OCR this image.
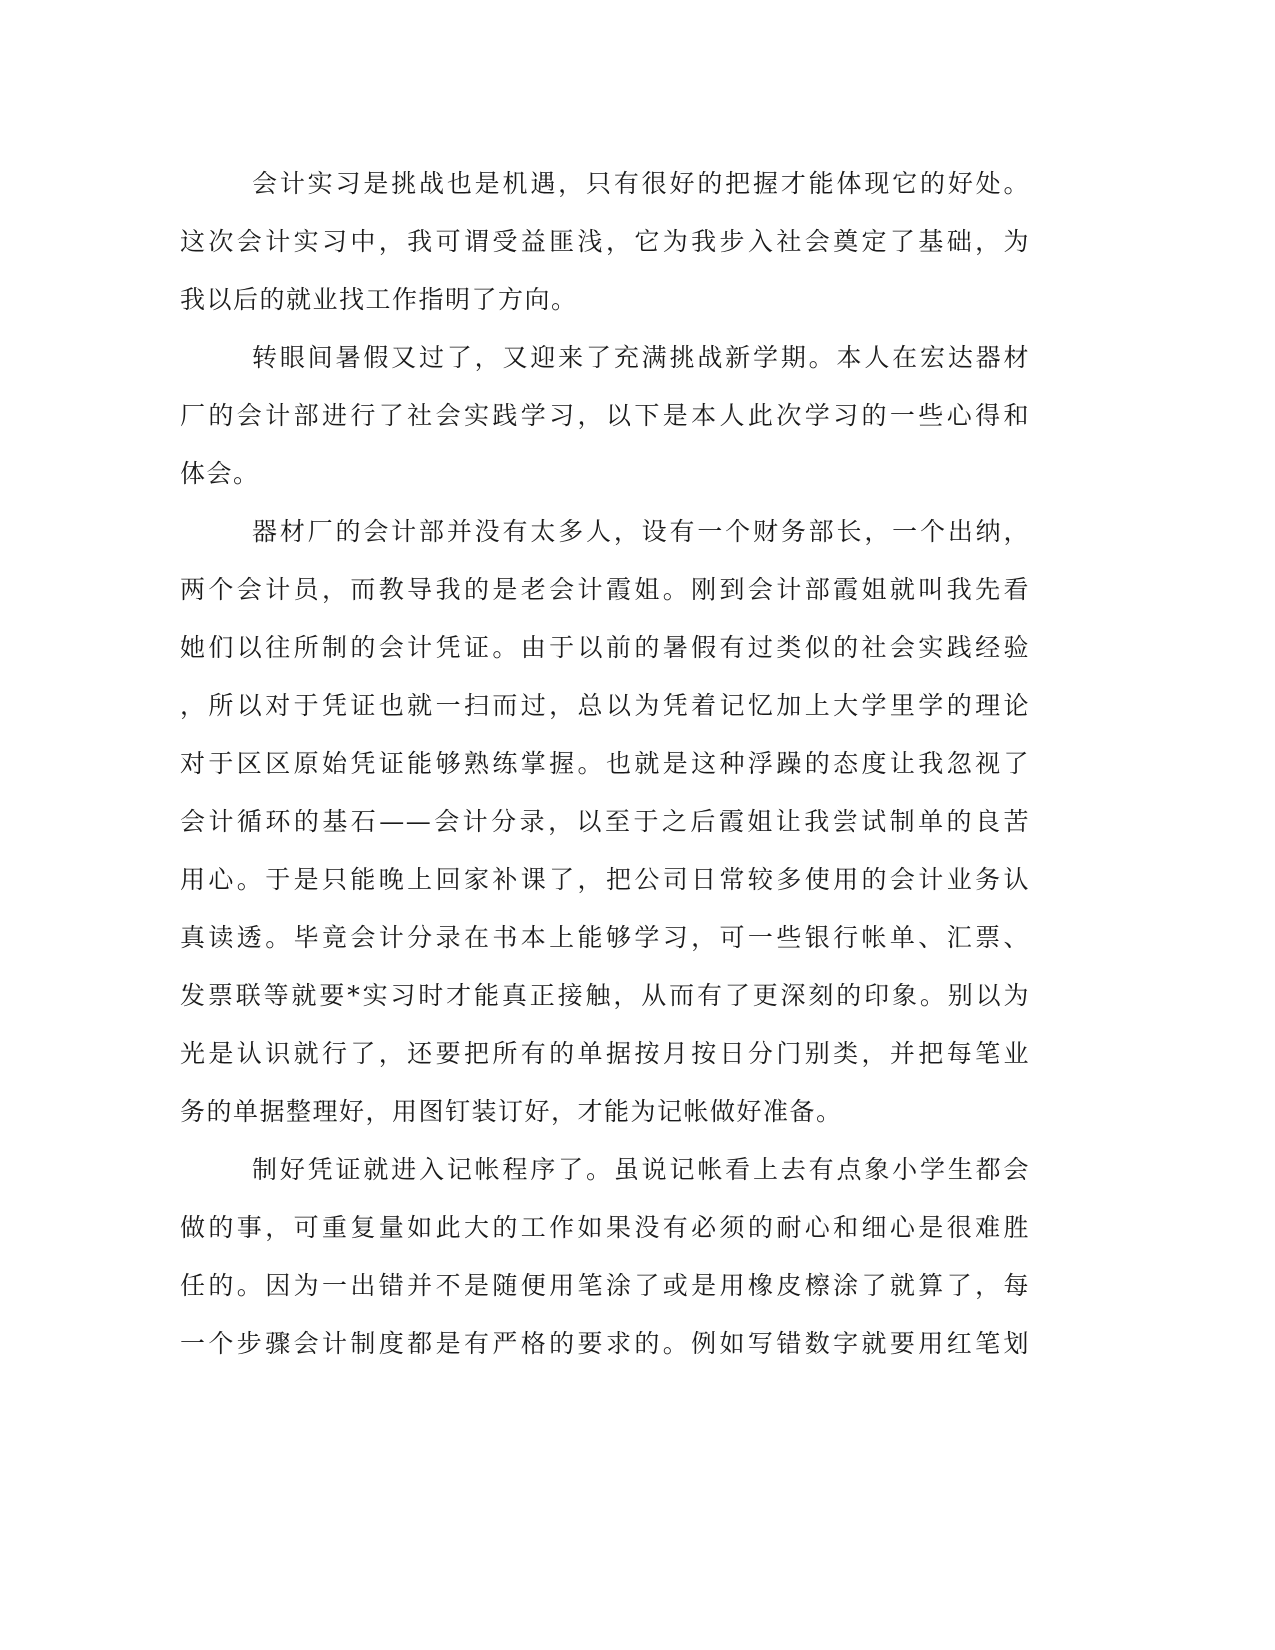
会计实习是挑战也是机遇，只有很好的把握才能体现它的好处。
这次会计实习中，我可谓受益匪浅，它为我步入社会奠定了基础，为
我以后的就业找工作指明了方向。
转眼间暑假又过了，又迎来了充满挑战新学期。本人在宏达器材
厂的会计部进行了社会实践学习，以下是本人此次学习的一些心得和
体会。
器材厂的会计部并没有太多人，设有一个财务部长，一个出纳，
两个会计员，而教导我的是老会计霞姐。刚到会计部霞姐就叫我先看
她们以往所制的会计凭证。由于以前的暑假有过类似的社会实践经验
，所以对于凭证也就一扫而过，总以为凭着记忆加上大学里学的理论
对于区区原始凭证能够熟练掌握。也就是这种浮躁的态度让我忽视了
会计循环的基石——会计分录，以至于之后霞姐让我尝试制单的良苦
用心。于是只能晚上回家补课了，把公司日常较多使用的会计业务认
真读透。毕竟会计分录在书本上能够学习，可一些银行帐单、汇票、
发票联等就要*实习时才能真正接触，从而有了更深刻的印象。别以为
光是认识就行了，还要把所有的单据按月按日分门别类，并把每笔业
务的单据整理好，用图钉装订好，才能为记帐做好准备。
制好凭证就进入记帐程序了。虽说记帐看上去有点象小学生都会
做的事，可重复量如此大的工作如果没有必须的耐心和细心是很难胜
任的。因为一出错并不是随便用笔涂了或是用橡皮檫涂了就算了，每
一个步骤会计制度都是有严格的要求的。例如写错数字就要用红笔划
